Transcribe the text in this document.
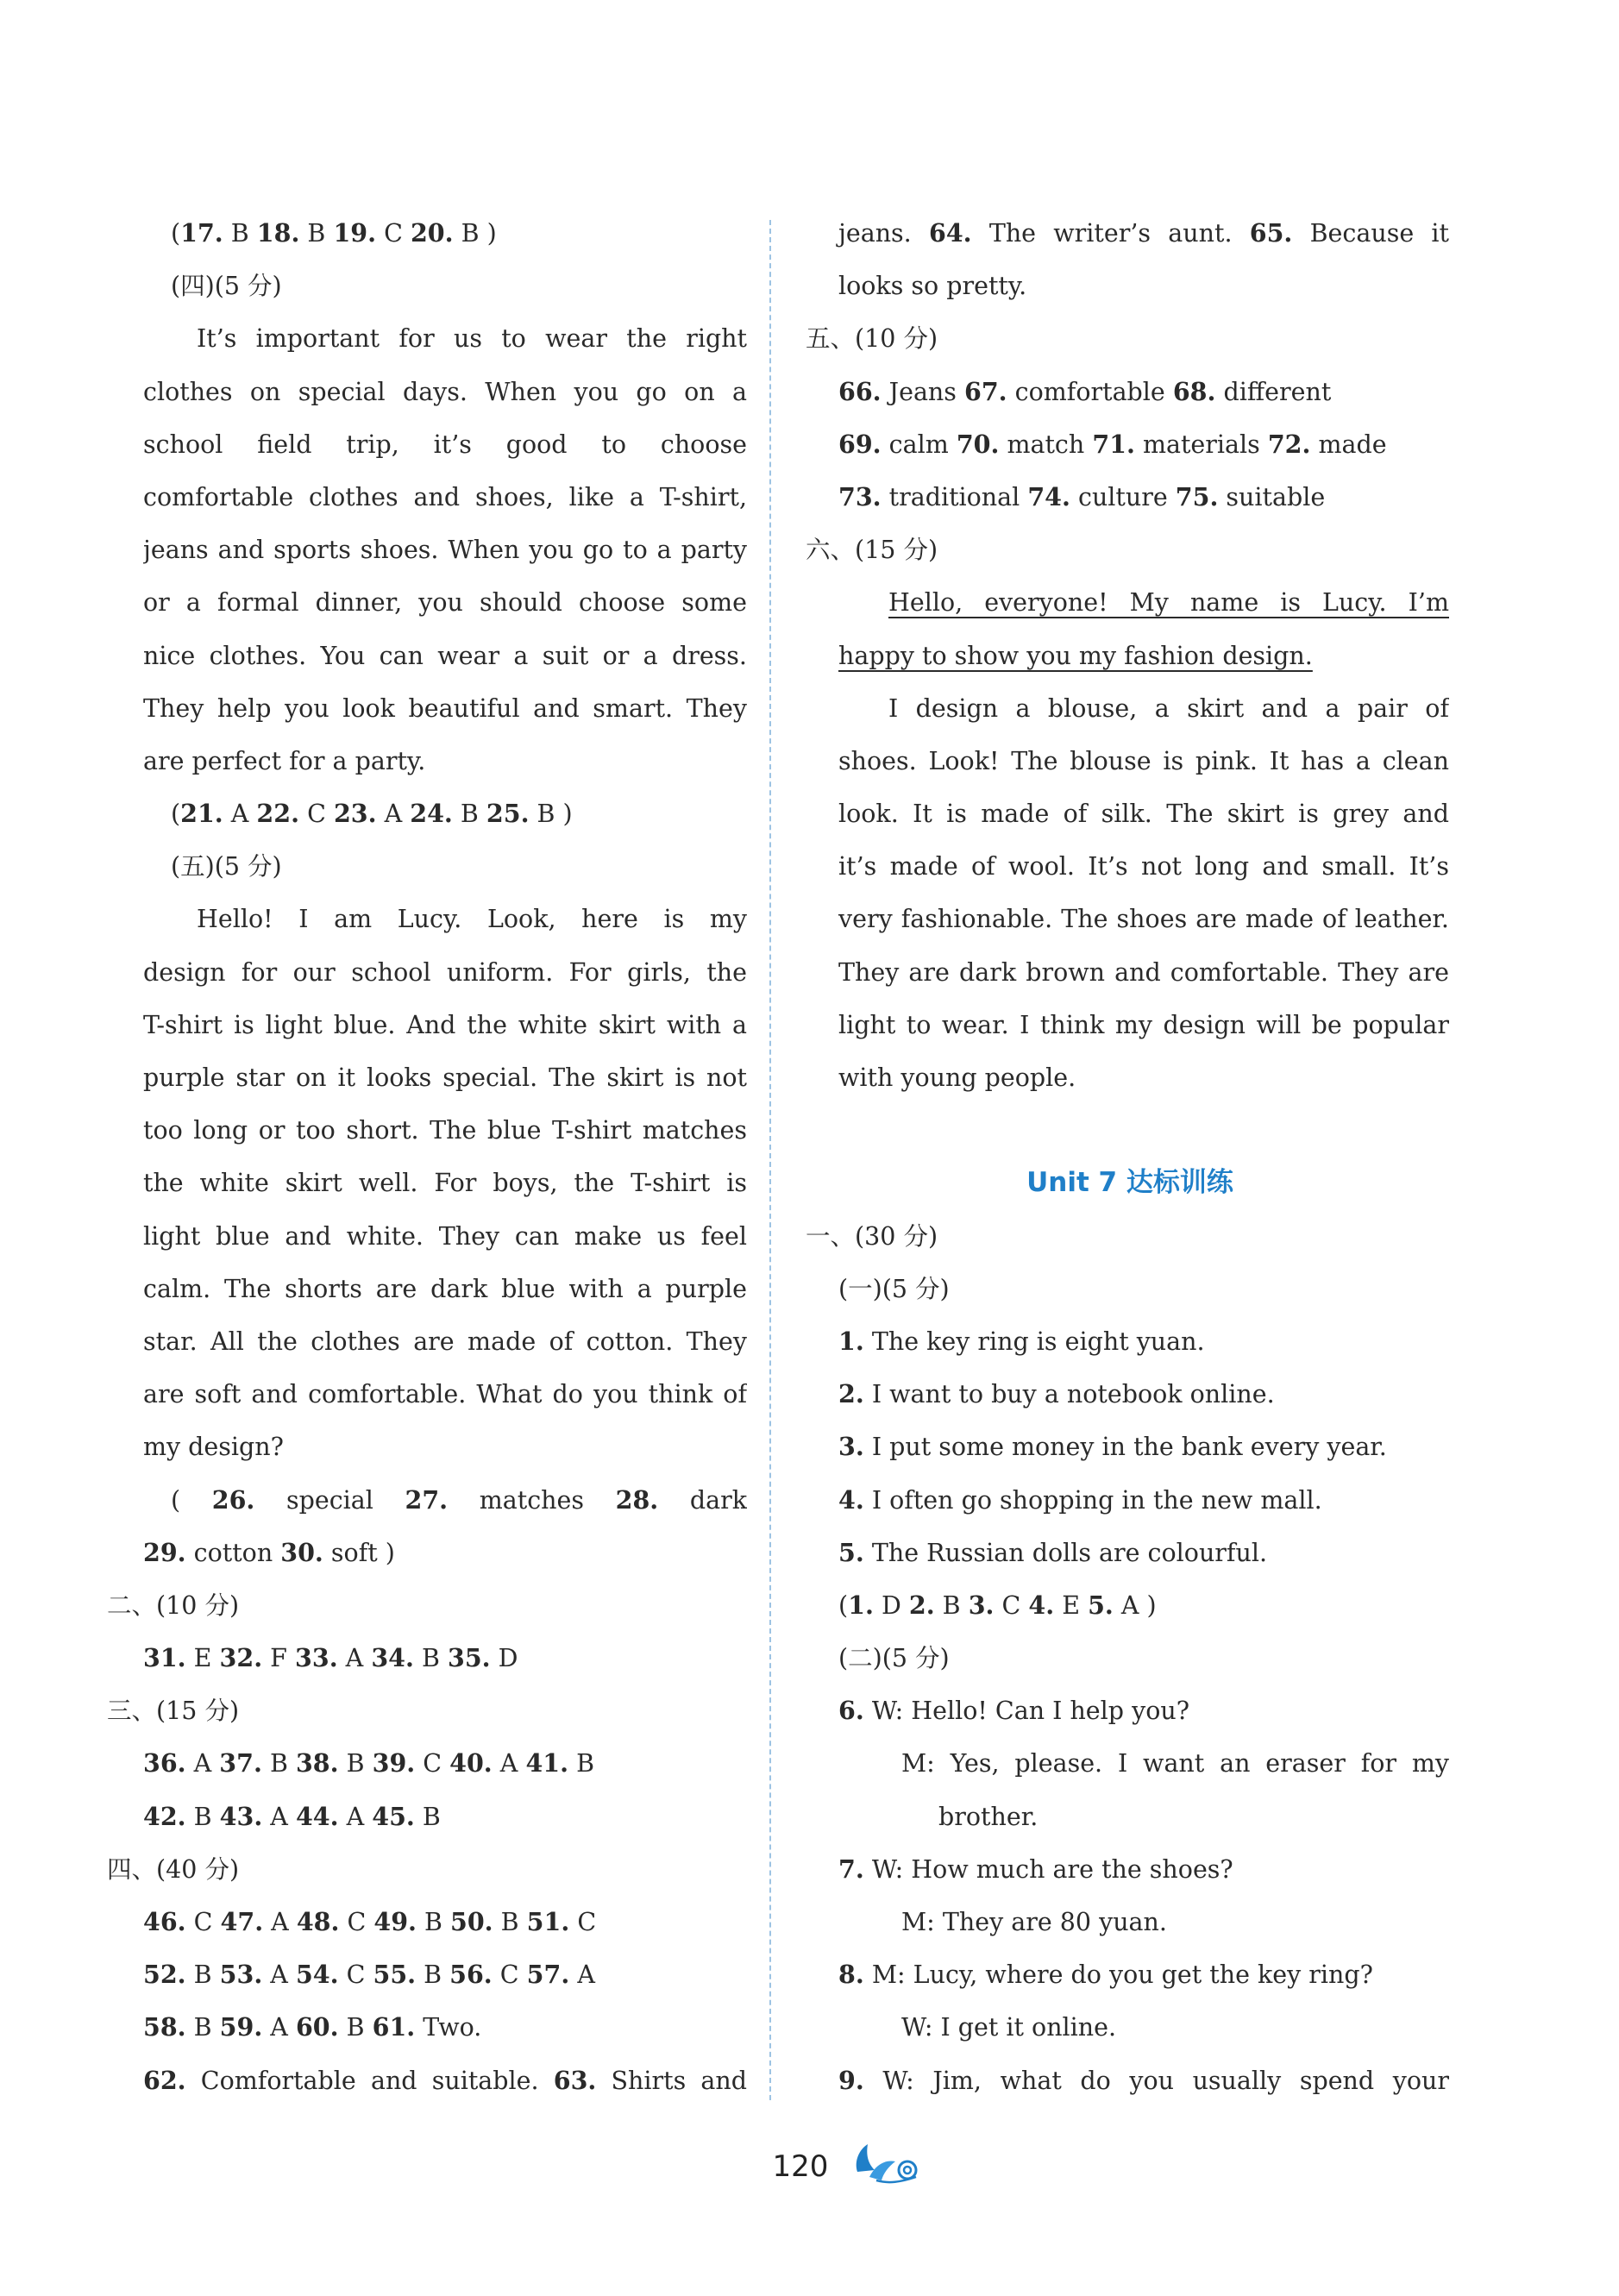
(17. B 18. B 19. C 20. B )
(四)(5 分)
It’s important for us to wear the right
clothes on special days. When you go on a
school field trip, it’s good to choose
comfortable clothes and shoes, like a T-shirt,
jeans and sports shoes. When you go to a party
or a formal dinner, you should choose some
nice clothes. You can wear a suit or a dress.
They help you look beautiful and smart. They
are perfect for a party.
(21. A 22. C 23. A 24. B 25. B )
(五)(5 分)
Hello! I am Lucy. Look, here is my
design for our school uniform. For girls, the
T-shirt is light blue. And the white skirt with a
purple star on it looks special. The skirt is not
too long or too short. The blue T-shirt matches
the white skirt well. For boys, the T-shirt is
light blue and white. They can make us feel
calm. The shorts are dark blue with a purple
star. All the clothes are made of cotton. They
are soft and comfortable. What do you think of
my design?
( 26. special 27. matches 28. dark
29. cotton 30. soft )
二、(10 分)
31. E 32. F 33. A 34. B 35. D
三、(15 分)
36. A 37. B 38. B 39. C 40. A 41. B
42. B 43. A 44. A 45. B
四、(40 分)
46. C 47. A 48. C 49. B 50. B 51. C
52. B 53. A 54. C 55. B 56. C 57. A
58. B 59. A 60. B 61. Two.
62. Comfortable and suitable. 63. Shirts and
jeans. 64. The writer’s aunt. 65. Because it
looks so pretty.
五、(10 分)
66. Jeans 67. comfortable 68. different
69. calm 70. match 71. materials 72. made
73. traditional 74. culture 75. suitable
六、(15 分)
Hello, everyone! My name is Lucy. I’m
happy to show you my fashion design.
I design a blouse, a skirt and a pair of
shoes. Look! The blouse is pink. It has a clean
look. It is made of silk. The skirt is grey and
it’s made of wool. It’s not long and small. It’s
very fashionable. The shoes are made of leather.
They are dark brown and comfortable. They are
light to wear. I think my design will be popular
with young people.
Unit 7 达标训练
一、(30 分)
(一)(5 分)
1. The key ring is eight yuan.
2. I want to buy a notebook online.
3. I put some money in the bank every year.
4. I often go shopping in the new mall.
5. The Russian dolls are colourful.
(1. D 2. B 3. C 4. E 5. A )
(二)(5 分)
6. W: Hello! Can I help you?
M: Yes, please. I want an eraser for my
brother.
7. W: How much are the shoes?
M: They are 80 yuan.
8. M: Lucy, where do you get the key ring?
W: I get it online.
9. W: Jim, what do you usually spend your
120
